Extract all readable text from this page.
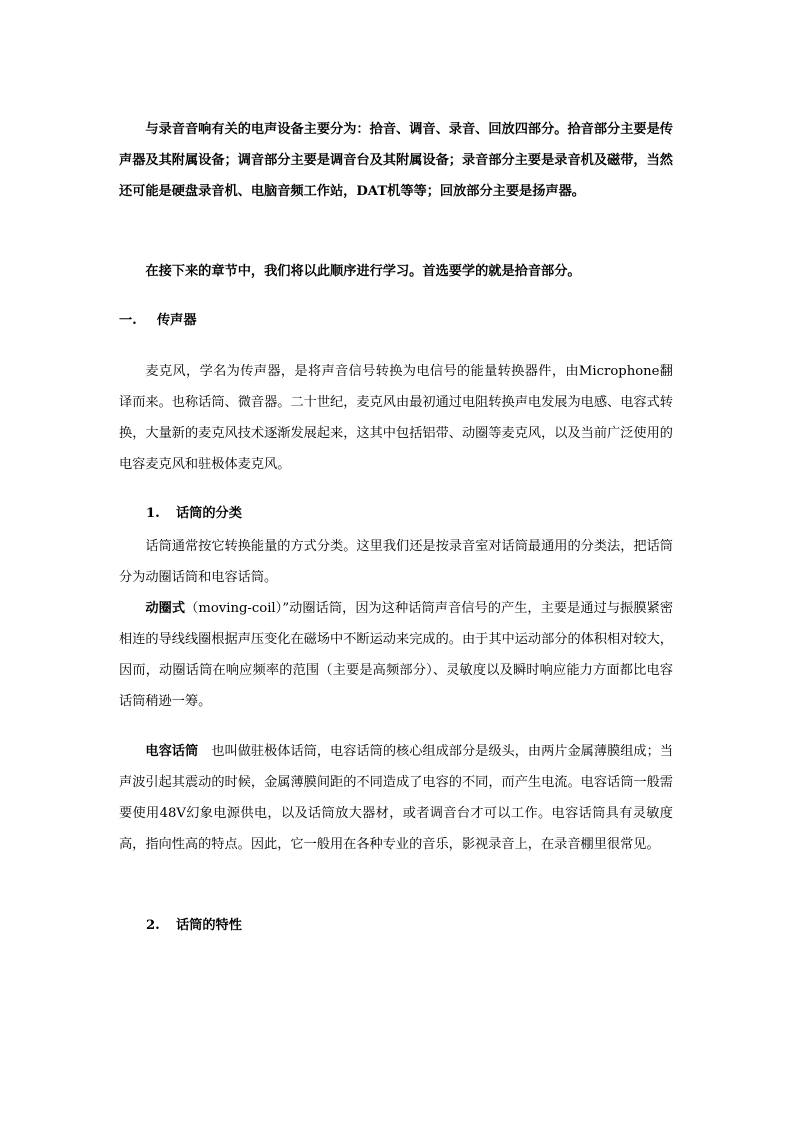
与录音音响有关的电声设备主要分为：拾音、调音、录音、回放四部分。拾音部分主要是传声器及其附属设备；调音部分主要是调音台及其附属设备；录音部分主要是录音机及磁带，当然还可能是硬盘录音机、电脑音频工作站，DAT机等等；回放部分主要是扬声器。

在接下来的章节中，我们将以此顺序进行学习。首选要学的就是拾音部分。

一. 传声器

麦克风，学名为传声器，是将声音信号转换为电信号的能量转换器件，由Microphone翻译而来。也称话筒、微音器。二十世纪，麦克风由最初通过电阻转换声电发展为电感、电容式转换，大量新的麦克风技术逐渐发展起来，这其中包括铝带、动圈等麦克风，以及当前广泛使用的电容麦克风和驻极体麦克风。

1. 话筒的分类

话筒通常按它转换能量的方式分类。这里我们还是按录音室对话筒最通用的分类法，把话筒分为动圈话筒和电容话筒。

动圈式（moving-coil）”动圈话筒，因为这种话筒声音信号的产生，主要是通过与振膜紧密相连的导线线圈根据声压变化在磁场中不断运动来完成的。由于其中运动部分的体积相对较大，因而，动圈话筒在响应频率的范围（主要是高频部分）、灵敏度以及瞬时响应能力方面都比电容话筒稍逊一筹。

电容话筒　也叫做驻极体话筒，电容话筒的核心组成部分是级头，由两片金属薄膜组成；当声波引起其震动的时候，金属薄膜间距的不同造成了电容的不同，而产生电流。电容话筒一般需要使用48V幻象电源供电，以及话筒放大器材，或者调音台才可以工作。电容话筒具有灵敏度高，指向性高的特点。因此，它一般用在各种专业的音乐，影视录音上，在录音棚里很常见。

2. 话筒的特性
